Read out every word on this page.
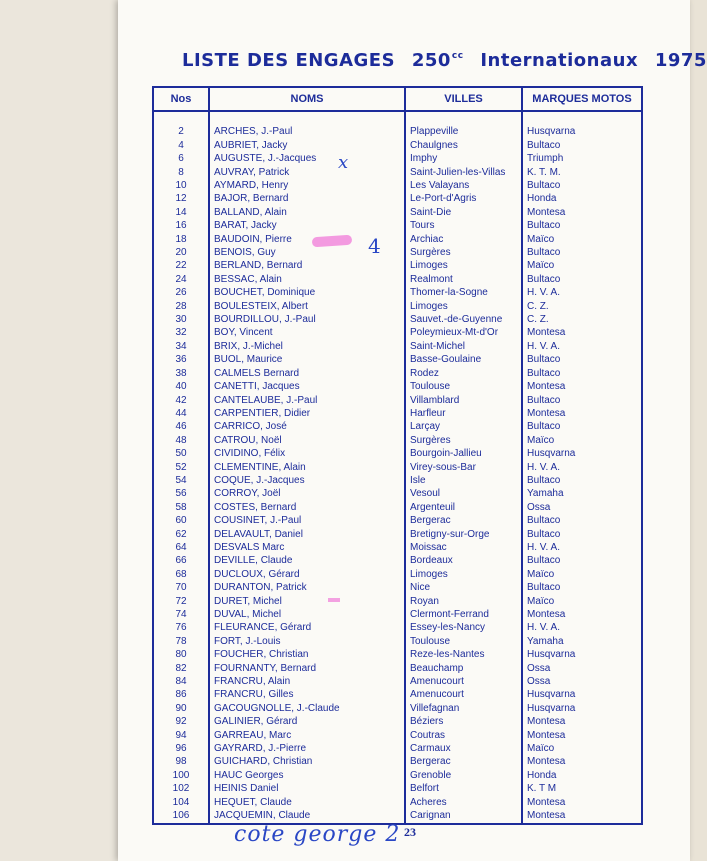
LISTE DES ENGAGES $250^{cc}$ Internationaux 1975
Nos	NOMS	VILLES	MARQUES MOTOS

2	ARCHES, J.-Paul	Plappeville	Husqvarna
4	AUBRIET, Jacky	Chaulgnes	Bultaco
6	AUGUSTE, J.-Jacques	Imphy	Triumph
8	AUVRAY, Patrick	Saint-Julien-les-Villas	K. T. M.
10	AYMARD, Henry	Les Valayans	Bultaco
12	BAJOR, Bernard	Le-Port-d'Agris	Honda
14	BALLAND, Alain	Saint-Die	Montesa
16	BARAT, Jacky	Tours	Bultaco
18	BAUDOIN, Pierre	Archiac	Maïco
20	BENOIS, Guy	Surgères	Bultaco
22	BERLAND, Bernard	Limoges	Maïco
24	BESSAC, Alain	Realmont	Bultaco
26	BOUCHET, Dominique	Thomer-la-Sogne	H. V. A.
28	BOULESTEIX, Albert	Limoges	C. Z.
30	BOURDILLOU, J.-Paul	Sauvet.-de-Guyenne	C. Z.
32	BOY, Vincent	Poleymieux-Mt-d'Or	Montesa
34	BRIX, J.-Michel	Saint-Michel	H. V. A.
36	BUOL, Maurice	Basse-Goulaine	Bultaco
38	CALMELS Bernard	Rodez	Bultaco
40	CANETTI, Jacques	Toulouse	Montesa
42	CANTELAUBE, J.-Paul	Villamblard	Bultaco
44	CARPENTIER, Didier	Harfleur	Montesa
46	CARRICO, José	Larçay	Bultaco
48	CATROU, Noël	Surgères	Maïco
50	CIVIDINO, Félix	Bourgoin-Jallieu	Husqvarna
52	CLEMENTINE, Alain	Virey-sous-Bar	H. V. A.
54	COQUE, J.-Jacques	Isle	Bultaco
56	CORROY, Joël	Vesoul	Yamaha
58	COSTES, Bernard	Argenteuil	Ossa
60	COUSINET, J.-Paul	Bergerac	Bultaco
62	DELAVAULT, Daniel	Bretigny-sur-Orge	Bultaco
64	DESVALS Marc	Moissac	H. V. A.
66	DEVILLE, Claude	Bordeaux	Bultaco
68	DUCLOUX, Gérard	Limoges	Maïco
70	DURANTON, Patrick	Nice	Bultaco
72	DURET, Michel	Royan	Maïco
74	DUVAL, Michel	Clermont-Ferrand	Montesa
76	FLEURANCE, Gérard	Essey-les-Nancy	H. V. A.
78	FORT, J.-Louis	Toulouse	Yamaha
80	FOUCHER, Christian	Reze-les-Nantes	Husqvarna
82	FOURNANTY, Bernard	Beauchamp	Ossa
84	FRANCRU, Alain	Amenucourt	Ossa
86	FRANCRU, Gilles	Amenucourt	Husqvarna
90	GACOUGNOLLE, J.-Claude	Villefagnan	Husqvarna
92	GALINIER, Gérard	Béziers	Montesa
94	GARREAU, Marc	Coutras	Montesa
96	GAYRARD, J.-Pierre	Carmaux	Maïco
98	GUICHARD, Christian	Bergerac	Montesa
100	HAUC Georges	Grenoble	Honda
102	HEINIS Daniel	Belfort	K. T M
104	HEQUET, Claude	Acheres	Montesa
106	JACQUEMIN, Claude	Carignan	Montesa
x
4
23
cote george 2
